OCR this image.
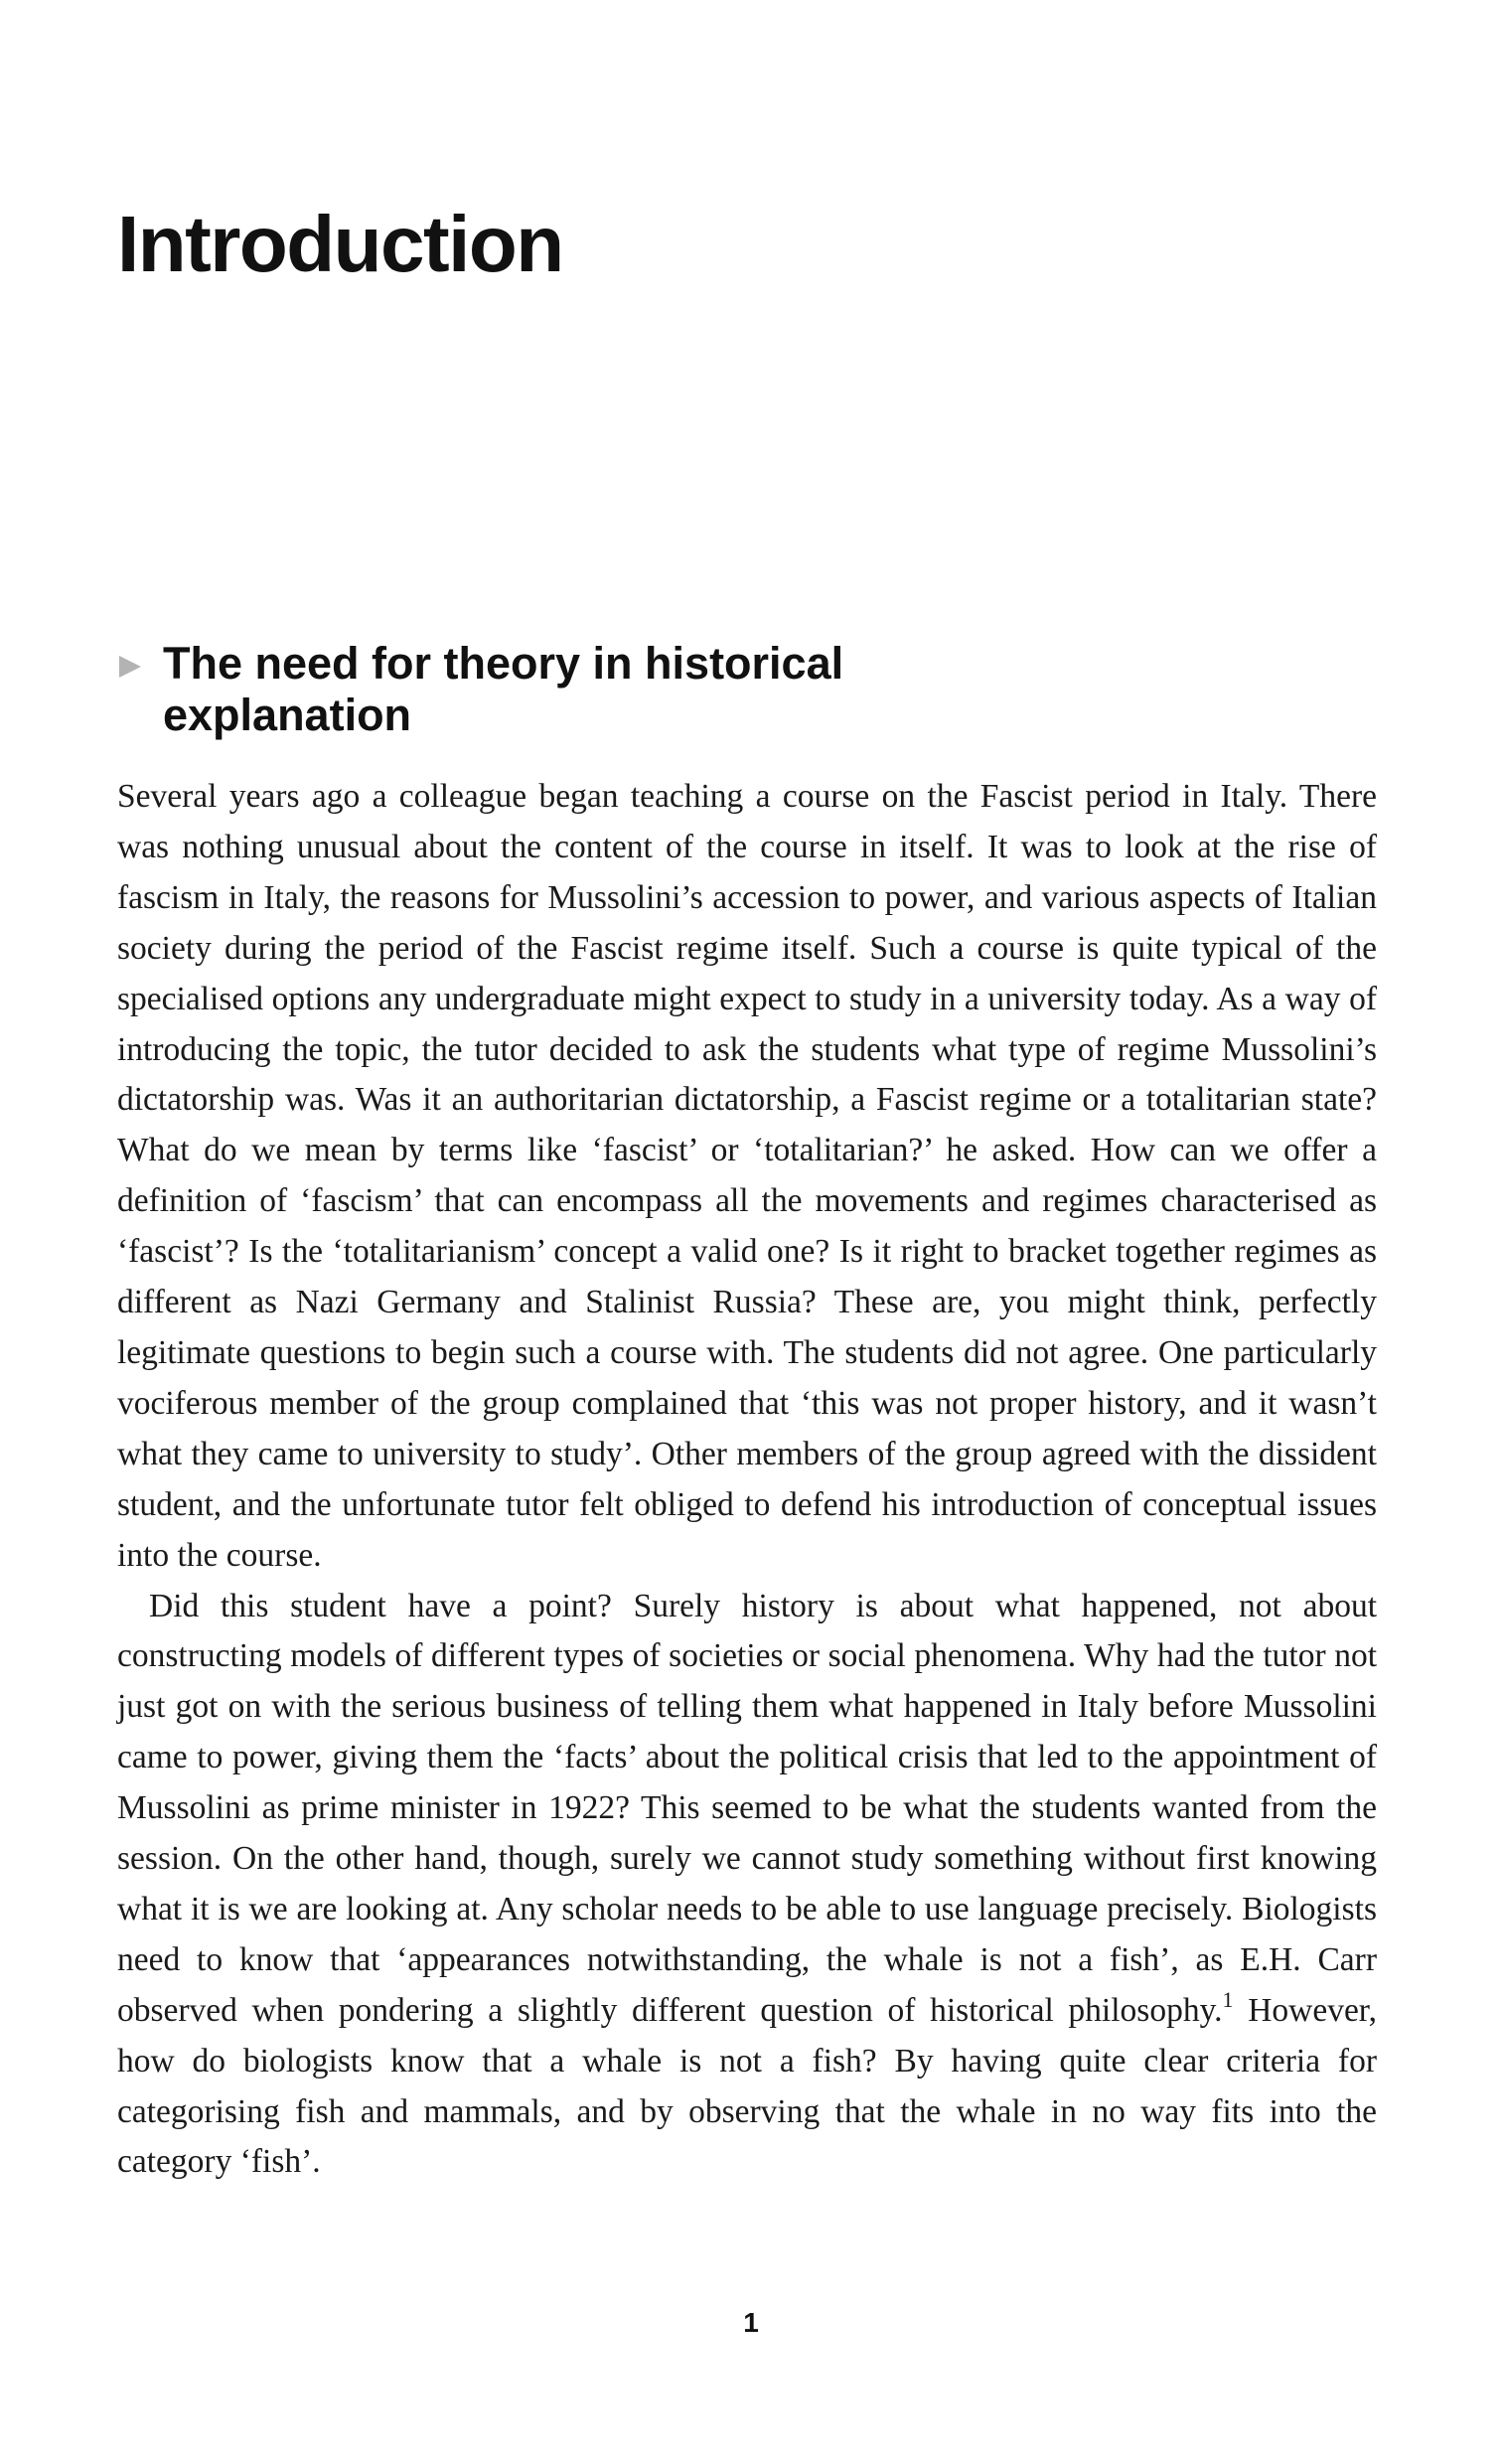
Introduction
The need for theory in historical
explanation

Several years ago a colleague began teaching a course on the Fascist period in Italy. There was nothing unusual about the content of the course in itself. It was to look at the rise of fascism in Italy, the reasons for Mussolini’s accession to power, and various aspects of Italian society during the period of the Fascist regime itself. Such a course is quite typical of the specialised options any undergraduate might expect to study in a university today. As a way of introducing the topic, the tutor decided to ask the students what type of regime Mussolini’s dictatorship was. Was it an authoritarian dictatorship, a Fascist regime or a totalitarian state? What do we mean by terms like ‘fascist’ or ‘totalitarian?’ he asked. How can we offer a definition of ‘fascism’ that can encompass all the movements and regimes characterised as ‘fascist’? Is the ‘totalitarianism’ concept a valid one? Is it right to bracket together regimes as different as Nazi Germany and Stalinist Russia? These are, you might think, perfectly legitimate questions to begin such a course with. The students did not agree. One particularly vociferous member of the group complained that ‘this was not proper history, and it wasn’t what they came to university to study’. Other members of the group agreed with the dissident student, and the unfortunate tutor felt obliged to defend his introduction of conceptual issues into the course.

Did this student have a point? Surely history is about what happened, not about constructing models of different types of societies or social phenomena. Why had the tutor not just got on with the serious business of telling them what happened in Italy before Mussolini came to power, giving them the ‘facts’ about the political crisis that led to the appointment of Mussolini as prime minister in 1922? This seemed to be what the students wanted from the session. On the other hand, though, surely we cannot study something without first knowing what it is we are looking at. Any scholar needs to be able to use language precisely. Biologists need to know that ‘appearances notwithstanding, the whale is not a fish’, as E.H. Carr observed when pondering a slightly different question of historical philosophy.$^1$ However, how do biologists know that a whale is not a fish? By having quite clear criteria for categorising fish and mammals, and by observing that the whale in no way fits into the category ‘fish’.

1
